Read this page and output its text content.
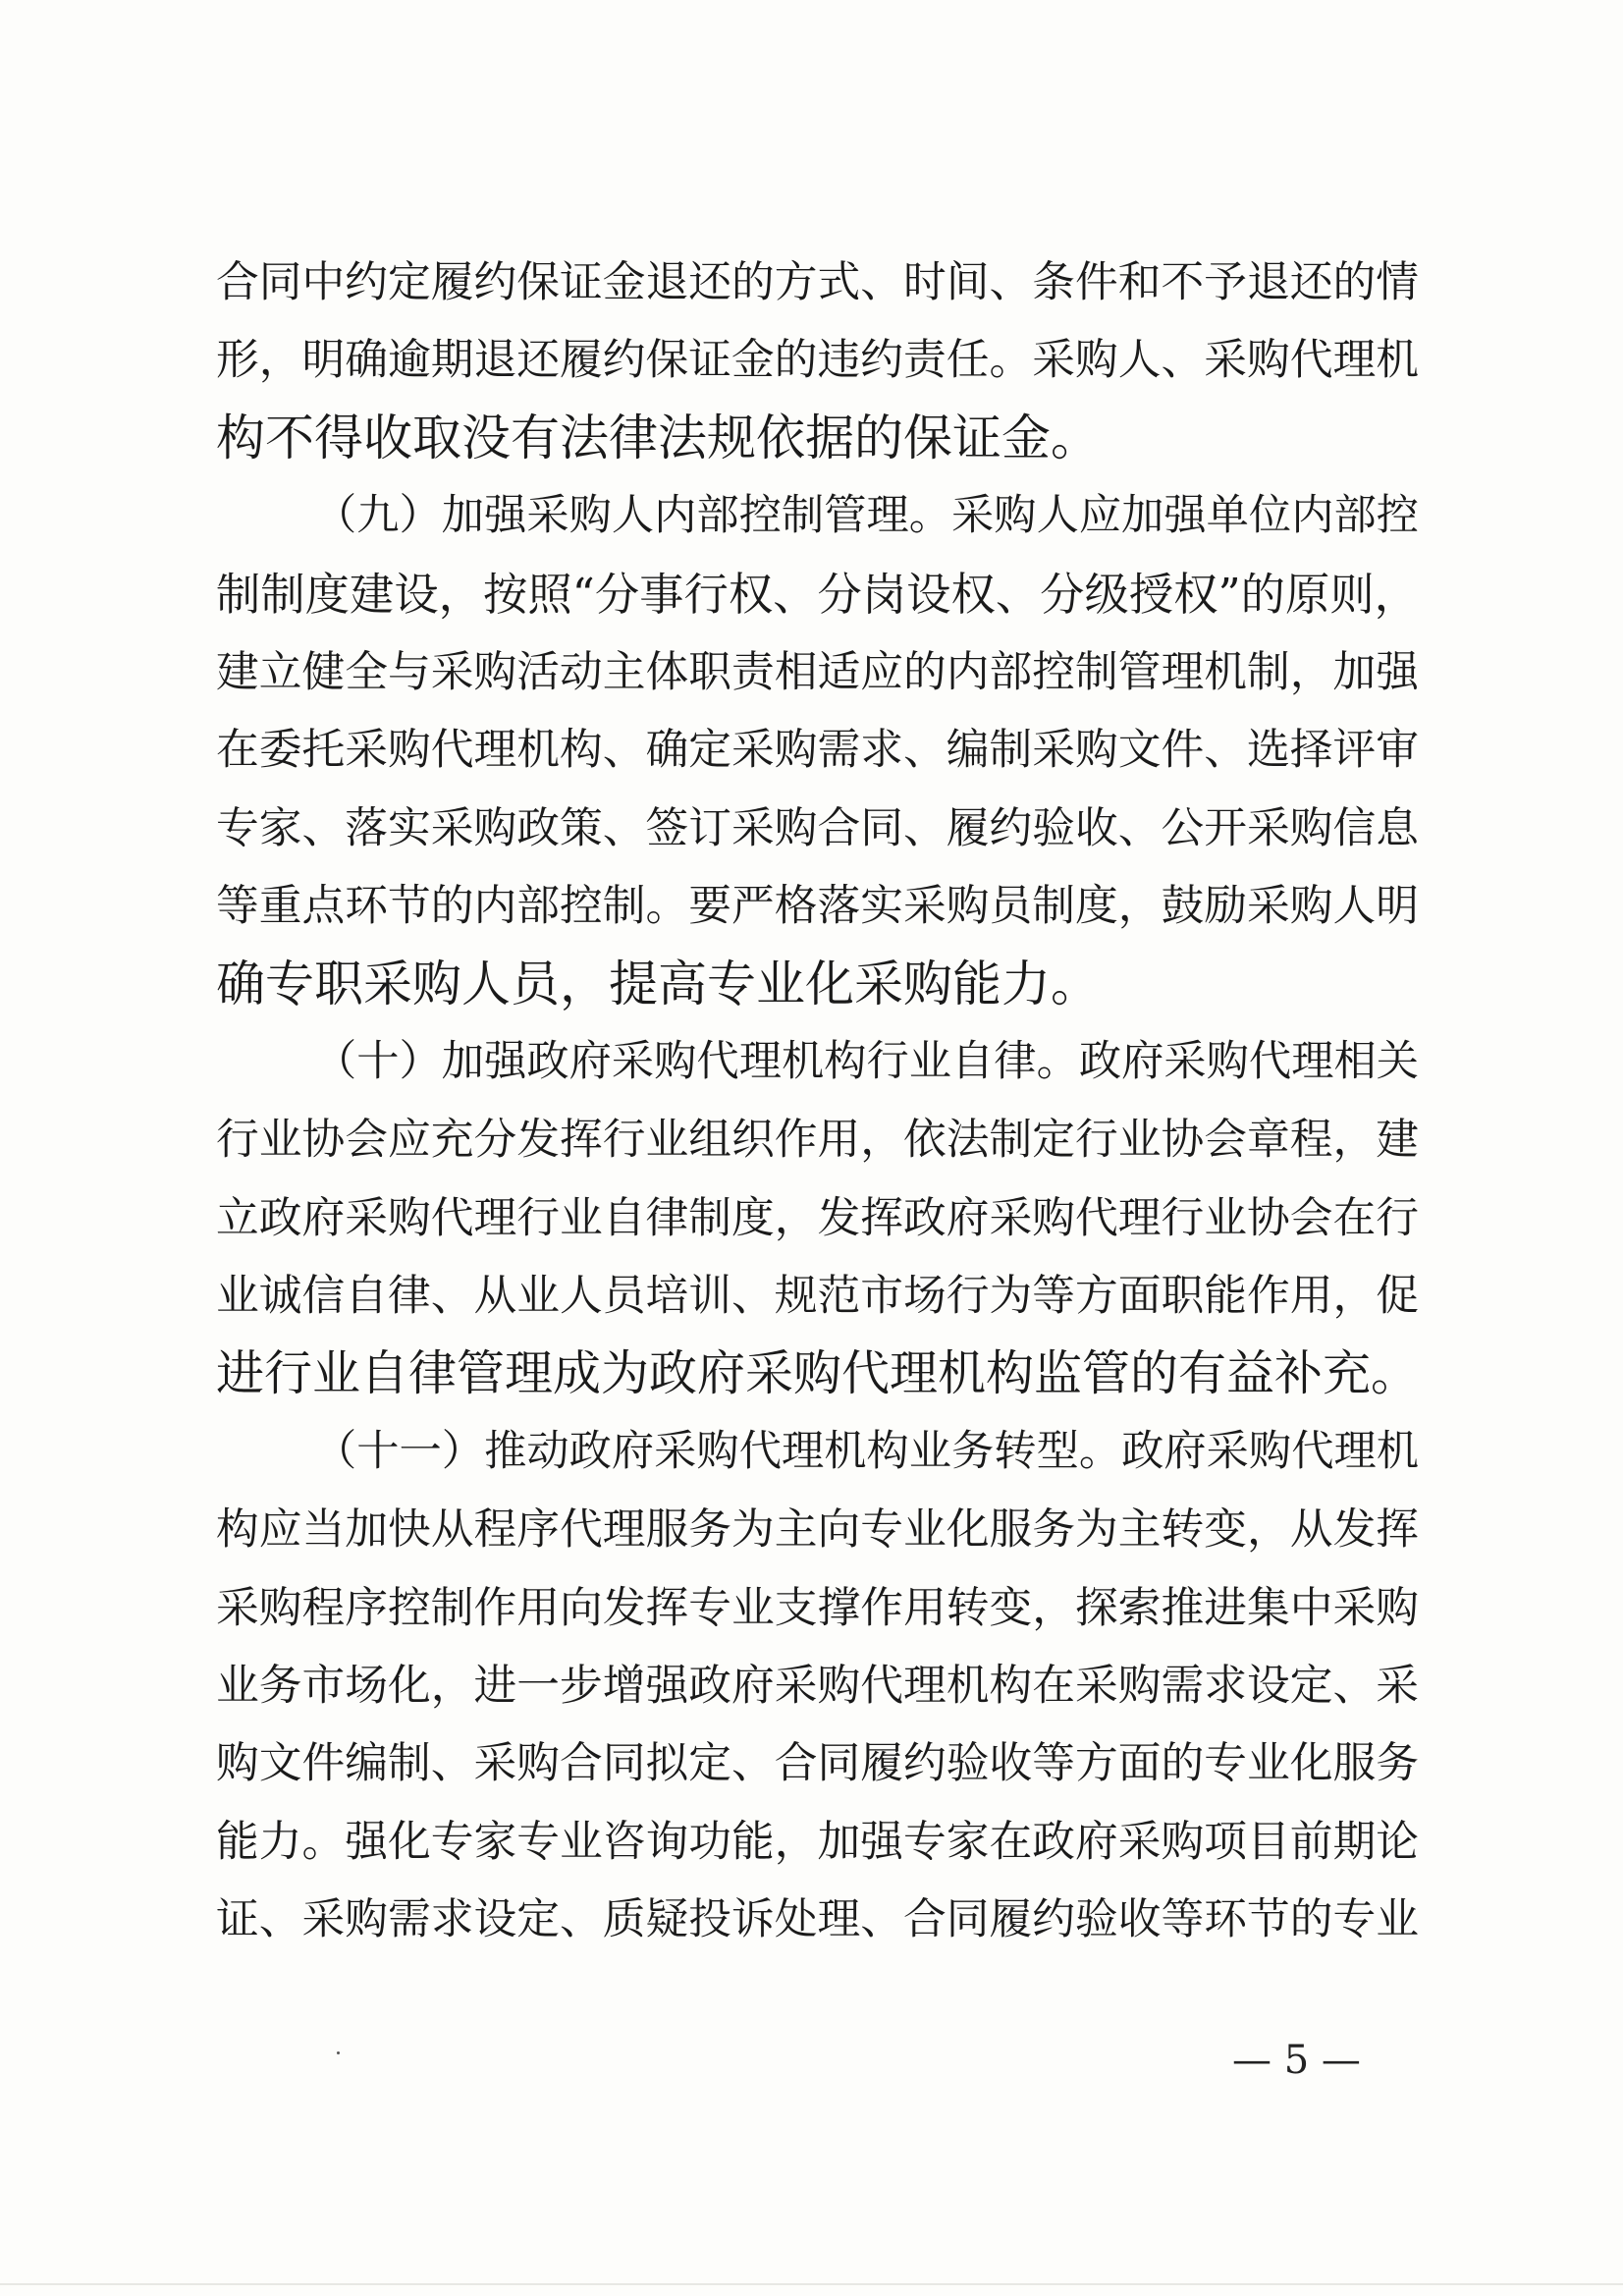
合同中约定履约保证金退还的方式、时间、条件和不予退还的情
形，明确逾期退还履约保证金的违约责任。采购人、采购代理机
构不得收取没有法律法规依据的保证金。
（九）加强采购人内部控制管理。采购人应加强单位内部控
制制度建设，按照“分事行权、分岗设权、分级授权”的原则，
建立健全与采购活动主体职责相适应的内部控制管理机制，加强
在委托采购代理机构、确定采购需求、编制采购文件、选择评审
专家、落实采购政策、签订采购合同、履约验收、公开采购信息
等重点环节的内部控制。要严格落实采购员制度，鼓励采购人明
确专职采购人员，提高专业化采购能力。
（十）加强政府采购代理机构行业自律。政府采购代理相关
行业协会应充分发挥行业组织作用，依法制定行业协会章程，建
立政府采购代理行业自律制度，发挥政府采购代理行业协会在行
业诚信自律、从业人员培训、规范市场行为等方面职能作用，促
进行业自律管理成为政府采购代理机构监管的有益补充。
（十一）推动政府采购代理机构业务转型。政府采购代理机
构应当加快从程序代理服务为主向专业化服务为主转变，从发挥
采购程序控制作用向发挥专业支撑作用转变，探索推进集中采购
业务市场化，进一步增强政府采购代理机构在采购需求设定、采
购文件编制、采购合同拟定、合同履约验收等方面的专业化服务
能力。强化专家专业咨询功能，加强专家在政府采购项目前期论
证、采购需求设定、质疑投诉处理、合同履约验收等环节的专业
— 5 —
